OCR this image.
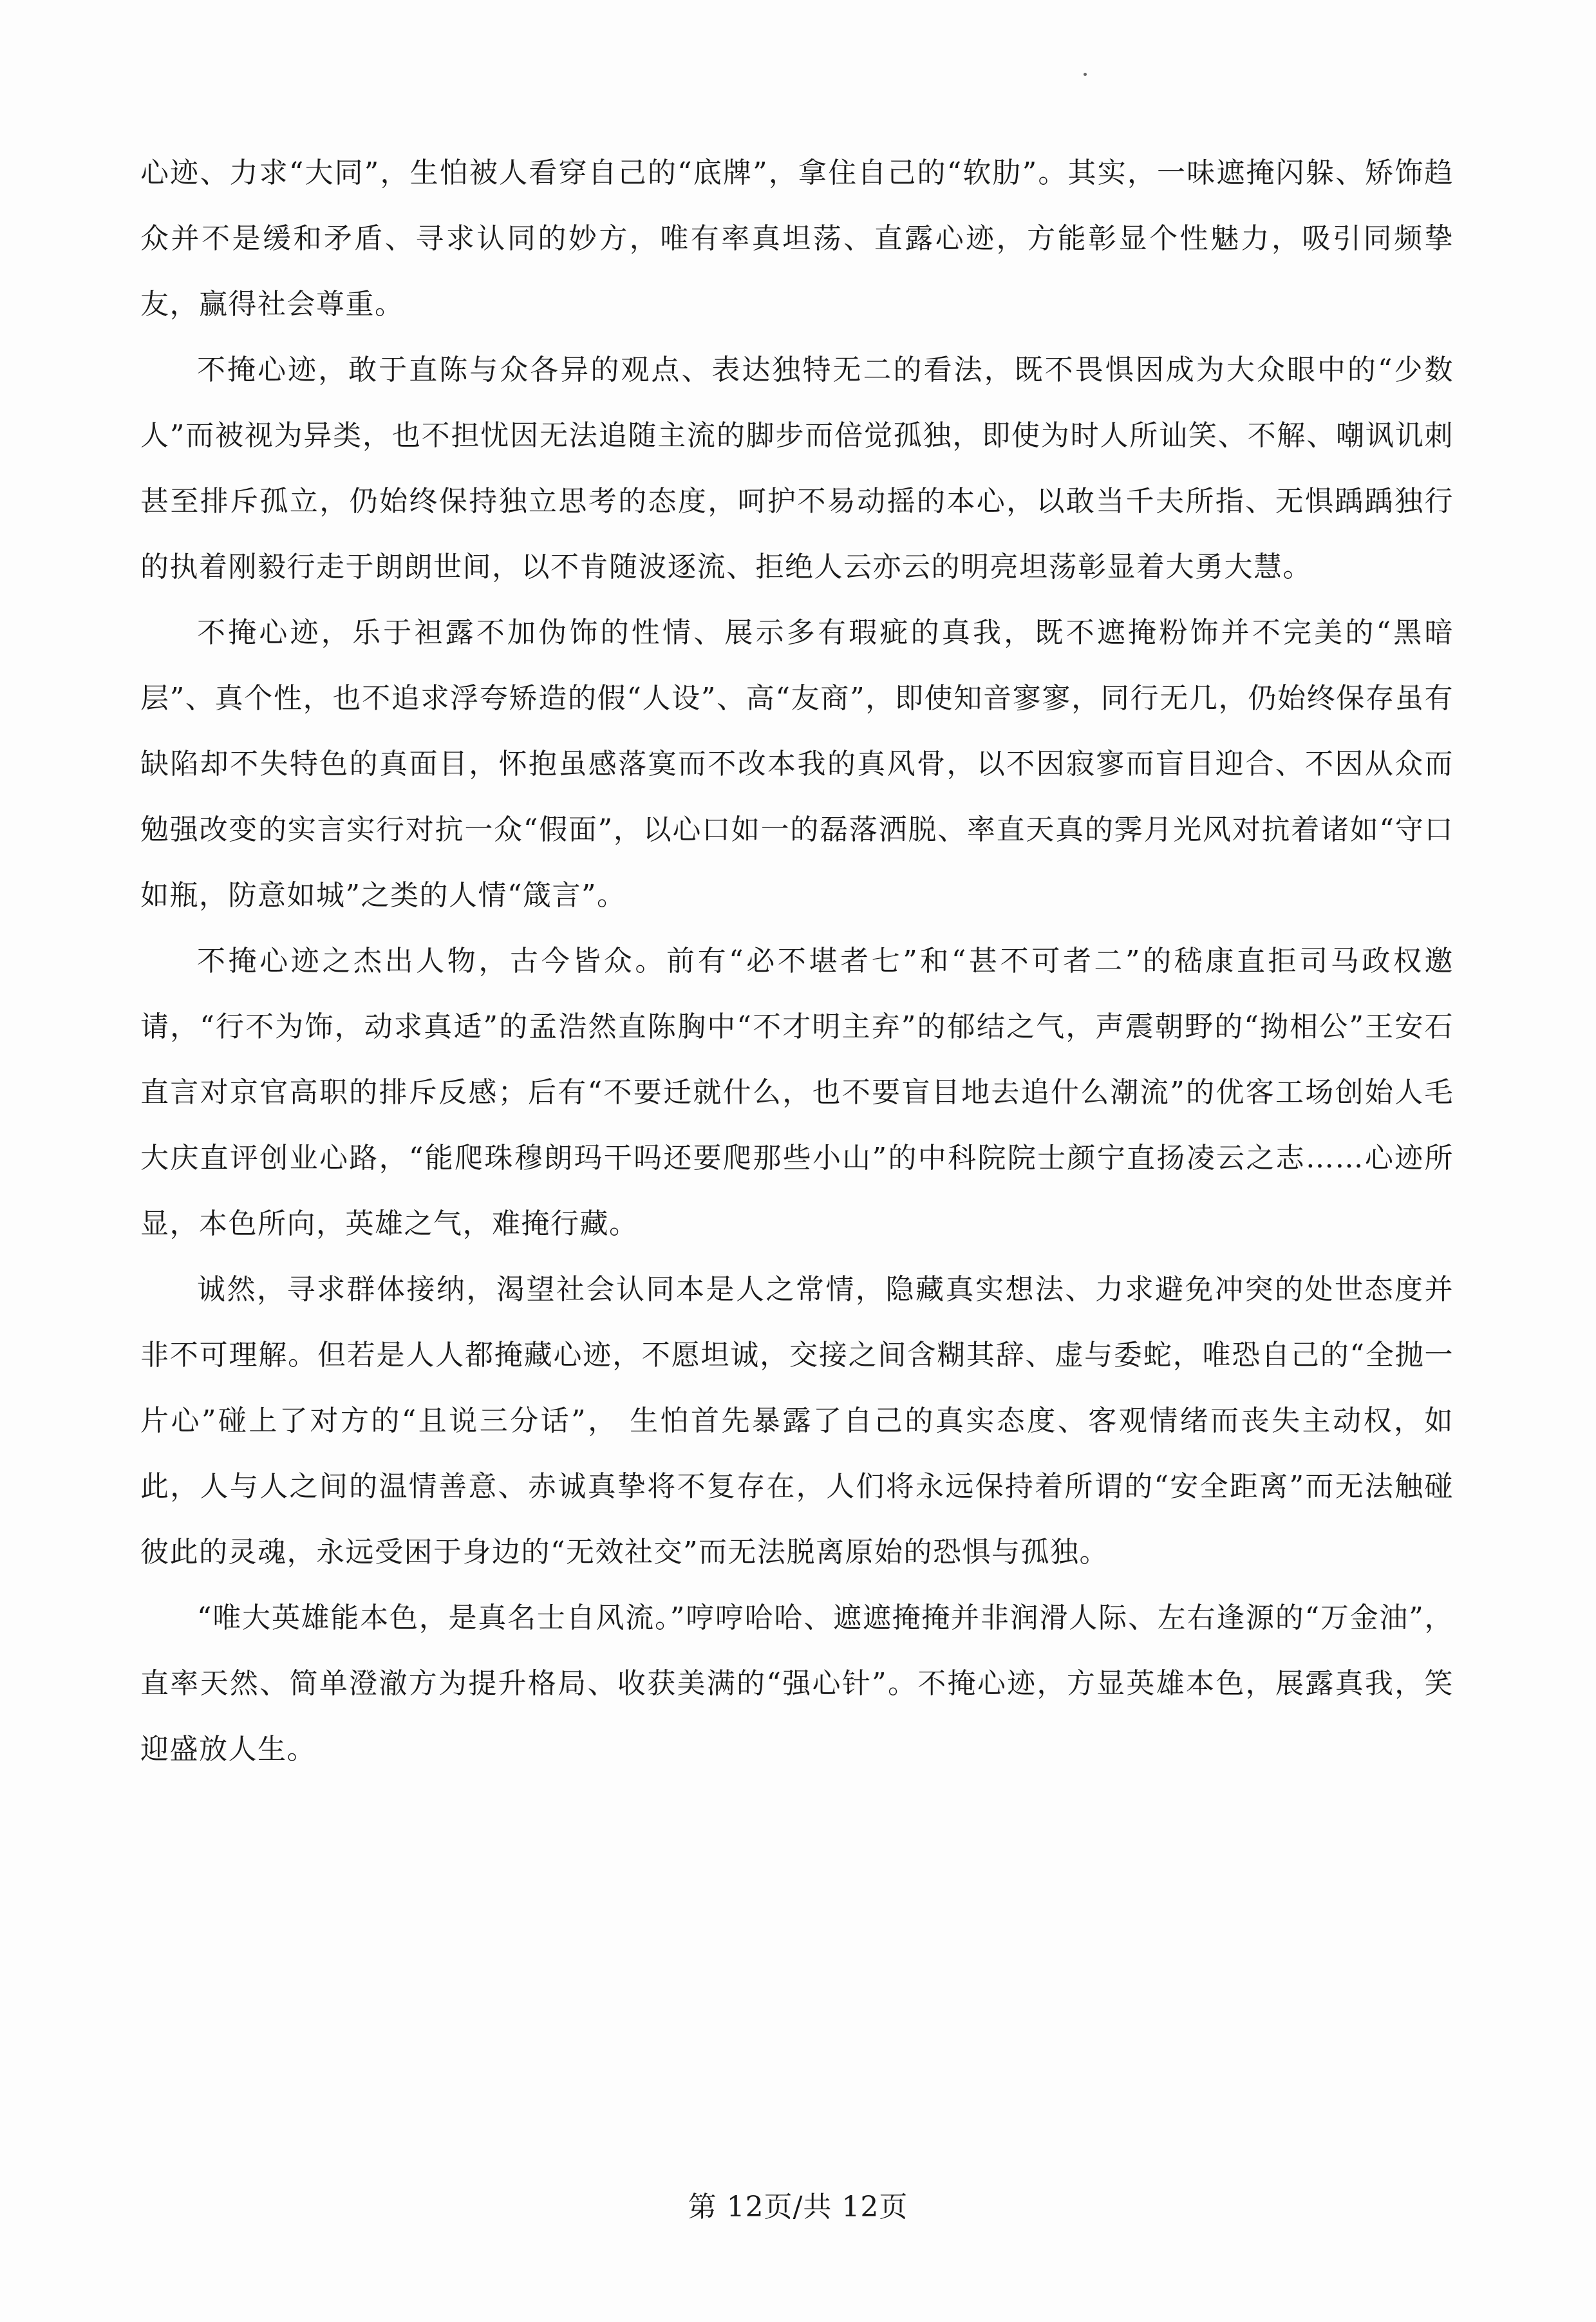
心迹、力求“大同”，生怕被人看穿自己的“底牌”，拿住自己的“软肋”。其实，一味遮掩闪躲、矫饰趋众并不是缓和矛盾、寻求认同的妙方，唯有率真坦荡、直露心迹，方能彰显个性魅力，吸引同频挚友，赢得社会尊重。

不掩心迹，敢于直陈与众各异的观点、表达独特无二的看法，既不畏惧因成为大众眼中的“少数人”而被视为异类，也不担忧因无法追随主流的脚步而倍觉孤独，即使为时人所讪笑、不解、嘲讽讥刺甚至排斥孤立，仍始终保持独立思考的态度，呵护不易动摇的本心，以敢当千夫所指、无惧踽踽独行的执着刚毅行走于朗朗世间，以不肯随波逐流、拒绝人云亦云的明亮坦荡彰显着大勇大慧。

不掩心迹，乐于袒露不加伪饰的性情、展示多有瑕疵的真我，既不遮掩粉饰并不完美的“黑暗层”、真个性，也不追求浮夸矫造的假“人设”、高“友商”，即使知音寥寥，同行无几，仍始终保存虽有缺陷却不失特色的真面目，怀抱虽感落寞而不改本我的真风骨，以不因寂寥而盲目迎合、不因从众而勉强改变的实言实行对抗一众“假面”，以心口如一的磊落洒脱、率直天真的霁月光风对抗着诸如“守口如瓶，防意如城”之类的人情“箴言”。

不掩心迹之杰出人物，古今皆众。前有“必不堪者七”和“甚不可者二”的嵇康直拒司马政权邀请，“行不为饰，动求真适”的孟浩然直陈胸中“不才明主弃”的郁结之气，声震朝野的“拗相公”王安石直言对京官高职的排斥反感；后有“不要迁就什么，也不要盲目地去追什么潮流”的优客工场创始人毛大庆直评创业心路，“能爬珠穆朗玛干吗还要爬那些小山”的中科院院士颜宁直扬凌云之志……心迹所显，本色所向，英雄之气，难掩行藏。

诚然，寻求群体接纳，渴望社会认同本是人之常情，隐藏真实想法、力求避免冲突的处世态度并非不可理解。但若是人人都掩藏心迹，不愿坦诚，交接之间含糊其辞、虚与委蛇，唯恐自己的“全抛一片心”碰上了对方的“且说三分话”， 生怕首先暴露了自己的真实态度、客观情绪而丧失主动权，如此，人与人之间的温情善意、赤诚真挚将不复存在，人们将永远保持着所谓的“安全距离”而无法触碰彼此的灵魂，永远受困于身边的“无效社交”而无法脱离原始的恐惧与孤独。

“唯大英雄能本色，是真名士自风流。”哼哼哈哈、遮遮掩掩并非润滑人际、左右逢源的“万金油”，直率天然、简单澄澈方为提升格局、收获美满的“强心针”。不掩心迹，方显英雄本色，展露真我，笑迎盛放人生。

第 12页/共 12页
